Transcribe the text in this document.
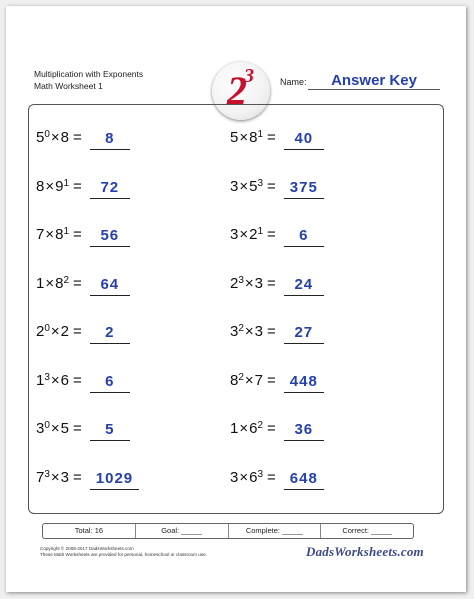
Multiplication with Exponents
Math Worksheet 1	2
3	Name:	Answer Key
$5^0\times 8 = 8$	$5\times 8^1 = 40$
$8\times 9^1 = 72$	$3\times 5^3 = 375$
$7\times 8^1 = 56$	$3\times 2^1 = 6$
$1\times 8^2 = 64$	$2^3\times 3 = 24$
$2^0\times 2 = 2$	$3^2\times 3 = 27$
$1^3\times 6 = 6$	$8^2\times 7 = 448$
$3^0\times 5 = 5$	$1\times 6^2 = 36$
$7^3\times 3 = 1029$	$3\times 6^3 = 648$
Total: 16	Goal: _____	Complete: _____	Correct: _____
Copyright © 2008-2017 DadsWorksheets.com
These Math Worksheets are provided for personal, homeschool or classroom use.	DadsWorksheets.com
